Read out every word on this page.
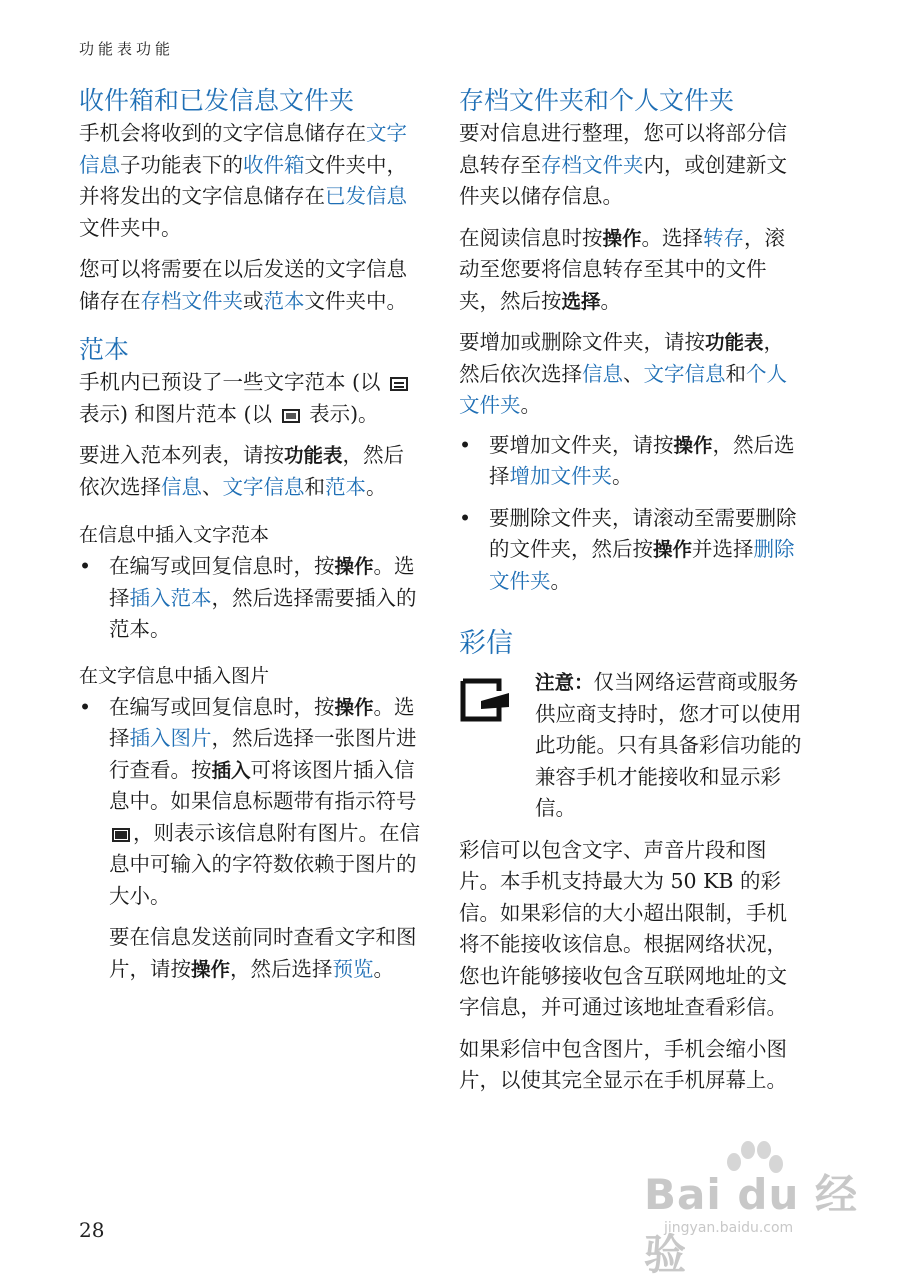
功能表功能
收件箱和已发信息文件夹

手机会将收到的文字信息储存在文字信息子功能表下的收件箱文件夹中，并将发出的文字信息储存在已发信息文件夹中。

您可以将需要在以后发送的文字信息储存在存档文件夹或范本文件夹中。

范本

手机内已预设了一些文字范本 (以  表示) 和图片范本 (以  表示)。

要进入范本列表，请按功能表，然后依次选择信息、文字信息和范本。

在信息中插入文字范本
• 在编写或回复信息时，按操作。选择插入范本，然后选择需要插入的范本。
在文字信息中插入图片
• 在编写或回复信息时，按操作。选择插入图片，然后选择一张图片进行查看。按插入可将该图片插入信息中。如果信息标题带有指示符号 ，则表示该信息附有图片。在信息中可输入的字符数依赖于图片的大小。

要在信息发送前同时查看文字和图片，请按操作，然后选择预览。

存档文件夹和个人文件夹

要对信息进行整理，您可以将部分信息转存至存档文件夹内，或创建新文件夹以储存信息。

在阅读信息时按操作。选择转存，滚动至您要将信息转存至其中的文件夹，然后按选择。

要增加或删除文件夹，请按功能表，然后依次选择信息、文字信息和个人文件夹。

• 要增加文件夹，请按操作，然后选择增加文件夹。
• 要删除文件夹，请滚动至需要删除的文件夹，然后按操作并选择删除文件夹。
彩信

注意：仅当网络运营商或服务供应商支持时，您才可以使用此功能。只有具备彩信功能的兼容手机才能接收和显示彩信。

彩信可以包含文字、声音片段和图片。本手机支持最大为 50 KB 的彩信。如果彩信的大小超出限制，手机将不能接收该信息。根据网络状况，您也许能够接收包含互联网地址的文字信息，并可通过该地址查看彩信。

如果彩信中包含图片，手机会缩小图片，以使其完全显示在手机屏幕上。

28
Bai du 经验
jingyan.baidu.com
